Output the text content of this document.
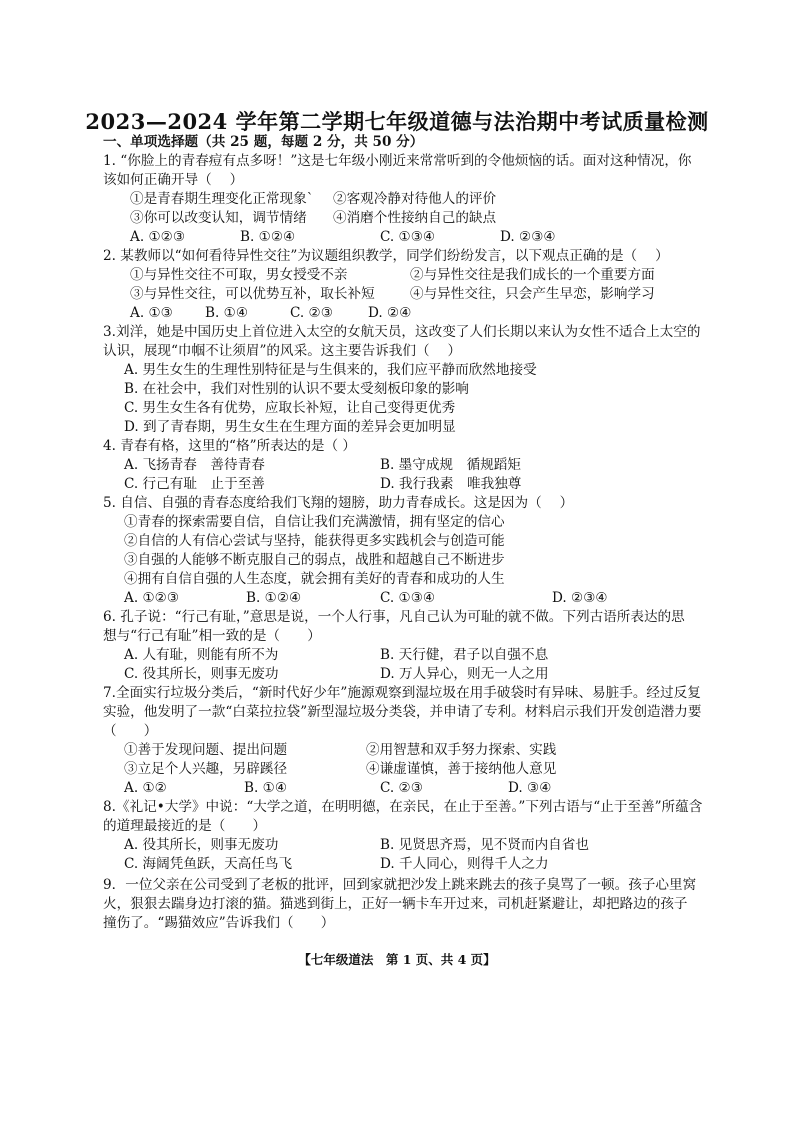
2023—2024 学年第二学期七年级道德与法治期中考试质量检测
一、单项选择题（共 25 题，每题 2 分，共 50 分）
1. “你脸上的青春痘有点多呀！”这是七年级小刚近来常常听到的令他烦恼的话。面对这种情况，你
该如何正确开导（　 ）
①是青春期生理变化正常现象` ②客观冷静对待他人的评价
③你可以改变认知，调节情绪 ④消磨个性接纳自己的缺点
A. ①②③	B. ①②④	C. ①③④	D. ②③④
2. 某教师以“如何看待异性交往”为议题组织教学，同学们纷纷发言，以下观点正确的是（　 ）
①与异性交往不可取，男女授受不亲	②与异性交往是我们成长的一个重要方面
③与异性交往，可以优势互补，取长补短	④与异性交往，只会产生早恋，影响学习
A. ①③ B. ①④	C. ②③	D. ②④
3.刘洋，她是中国历史上首位进入太空的女航天员，这改变了人们长期以来认为女性不适合上太空的
认识，展现“巾帼不让须眉”的风采。这主要告诉我们（　 ）
A. 男生女生的生理性别特征是与生俱来的，我们应平静而欣然地接受
B. 在社会中，我们对性别的认识不要太受刻板印象的影响
C. 男生女生各有优势，应取长补短，让自己变得更优秀
D. 到了青春期，男生女生在生理方面的差异会更加明显
4. 青春有格，这里的“格”所表达的是（ ）
A. 飞扬青春　善待青春	B. 墨守成规　循规蹈矩
C. 行己有耻　止于至善	D. 我行我素　唯我独尊
5. 自信、自强的青春态度给我们飞翔的翅膀，助力青春成长。这是因为（　 ）
①青春的探索需要自信，自信让我们充满激情，拥有坚定的信心
②自信的人有信心尝试与坚持，能获得更多实践机会与创造可能
③自强的人能够不断克服自己的弱点，战胜和超越自己不断进步
④拥有自信自强的人生态度，就会拥有美好的青春和成功的人生
A. ①②③	B. ①②④	C. ①③④	D. ②③④
6. 孔子说：“行己有耻，”意思是说，一个人行事，凡自己认为可耻的就不做。下列古语所表达的思
想与“行己有耻”相一致的是（　　）
A. 人有耻，则能有所不为	B. 天行健，君子以自强不息
C. 役其所长，则事无废功	D. 万人异心，则无一人之用
7.全面实行垃圾分类后，“新时代好少年”施源观察到湿垃圾在用手破袋时有异味、易脏手。经过反复
实验，他发明了一款“白菜拉拉袋”新型湿垃圾分类袋，并申请了专利。材料启示我们开发创造潜力要
（　　）
①善于发现问题、提出问题	②用智慧和双手努力探索、实践
③立足个人兴趣，另辟蹊径	④谦虚谨慎，善于接纳他人意见
A. ①②	B. ①④	C. ②③	D. ③④
8.《礼记•大学》中说：“大学之道，在明明德，在亲民，在止于至善。”下列古语与“止于至善”所蕴含
的道理最接近的是（　　）
A. 役其所长，则事无废功	B. 见贤思齐焉，见不贤而内自省也
C. 海阔凭鱼跃，天高任鸟飞	D. 千人同心，则得千人之力
9．一位父亲在公司受到了老板的批评，回到家就把沙发上跳来跳去的孩子臭骂了一顿。孩子心里窝
火，狠狠去踹身边打滚的猫。猫逃到街上，正好一辆卡车开过来，司机赶紧避让，却把路边的孩子
撞伤了。“踢猫效应”告诉我们（　　）
【七年级道法　第 1 页、共 4 页】
